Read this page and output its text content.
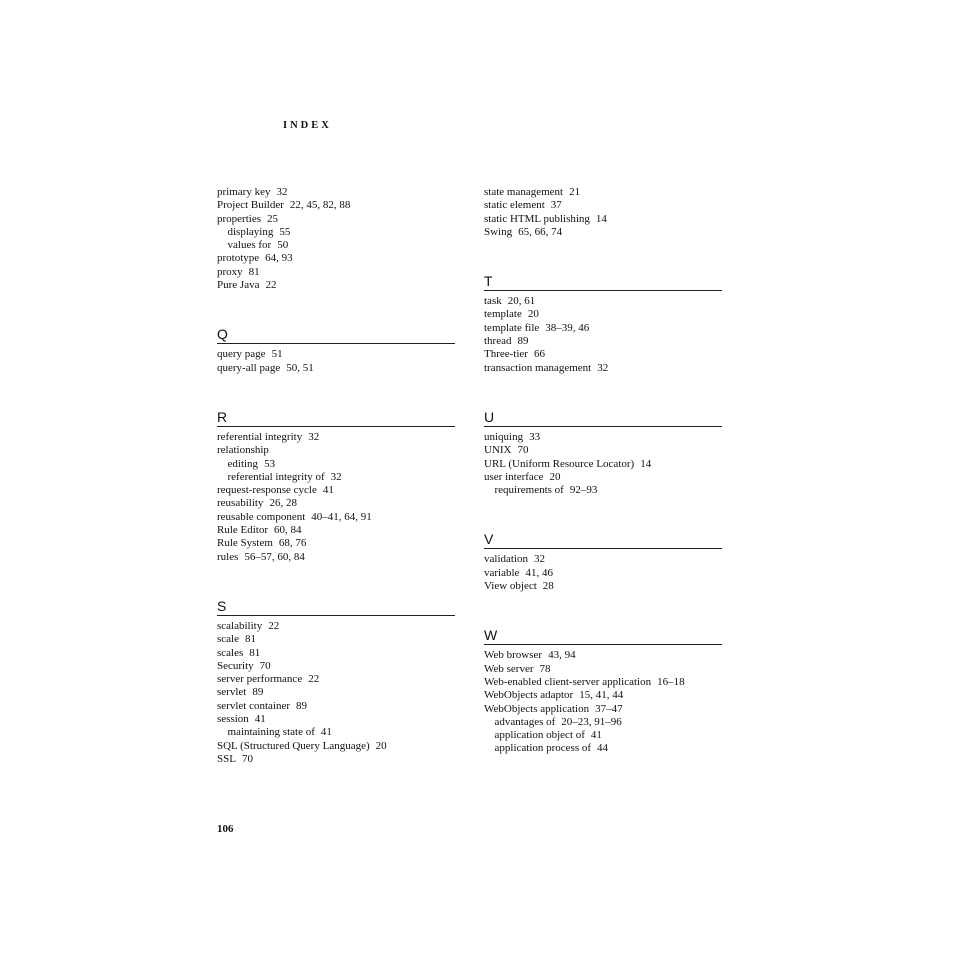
INDEX
primary key 32
Project Builder 22, 45, 82, 88
properties 25
displaying 55
values for 50
prototype 64, 93
proxy 81
Pure Java 22
Q
query page 51
query-all page 50, 51
R
referential integrity 32
relationship
editing 53
referential integrity of 32
request-response cycle 41
reusability 26, 28
reusable component 40–41, 64, 91
Rule Editor 60, 84
Rule System 68, 76
rules 56–57, 60, 84
S
scalability 22
scale 81
scales 81
Security 70
server performance 22
servlet 89
servlet container 89
session 41
maintaining state of 41
SQL (Structured Query Language) 20
SSL 70
state management 21
static element 37
static HTML publishing 14
Swing 65, 66, 74
T
task 20, 61
template 20
template file 38–39, 46
thread 89
Three-tier 66
transaction management 32
U
uniquing 33
UNIX 70
URL (Uniform Resource Locator) 14
user interface 20
requirements of 92–93
V
validation 32
variable 41, 46
View object 28
W
Web browser 43, 94
Web server 78
Web-enabled client-server application 16–18
WebObjects adaptor 15, 41, 44
WebObjects application 37–47
advantages of 20–23, 91–96
application object of 41
application process of 44
106
